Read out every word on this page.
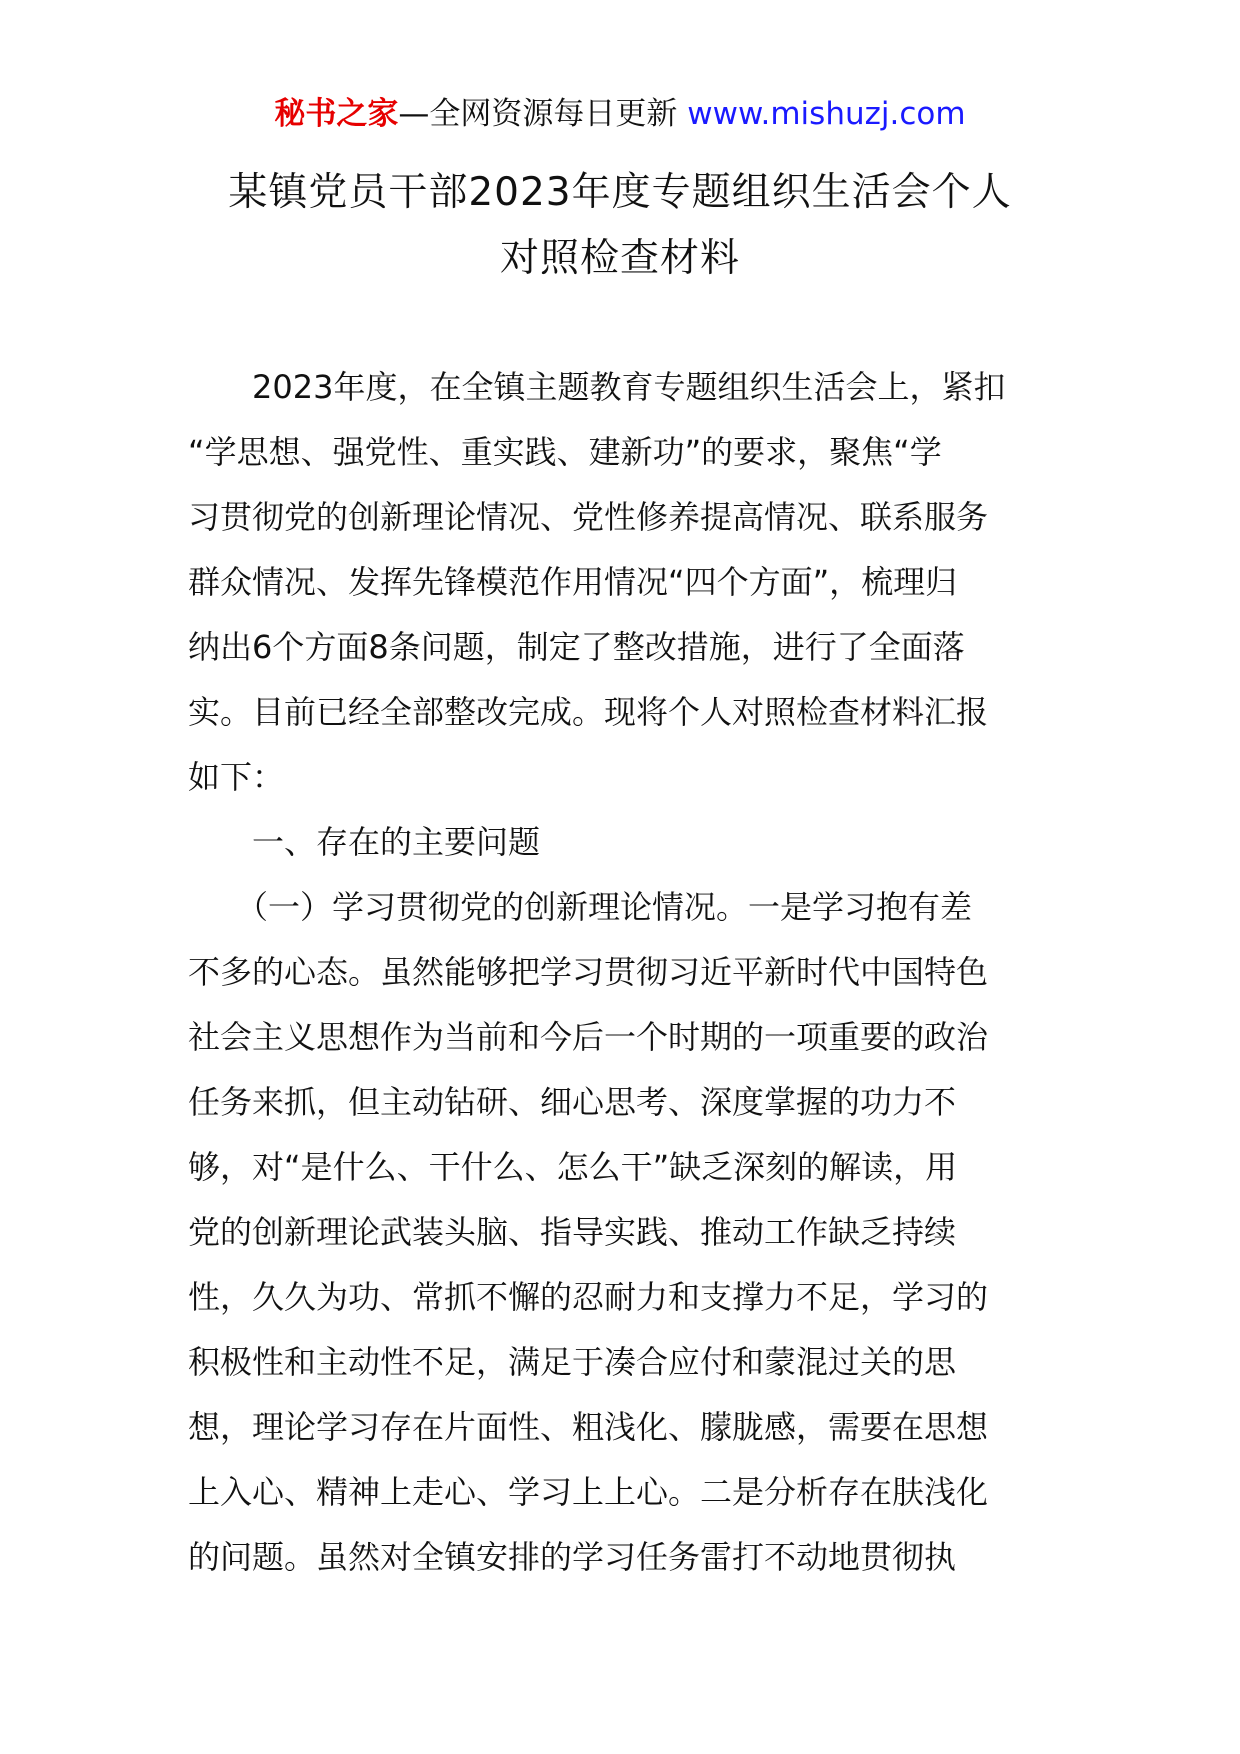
秘书之家—全网资源每日更新 www.mishuzj.com
某镇党员干部2023年度专题组织生活会个人
对照检查材料
　　2023年度，在全镇主题教育专题组织生活会上，紧扣
“学思想、强党性、重实践、建新功”的要求，聚焦“学
习贯彻党的创新理论情况、党性修养提高情况、联系服务
群众情况、发挥先锋模范作用情况“四个方面”，梳理归
纳出6个方面8条问题，制定了整改措施，进行了全面落
实。目前已经全部整改完成。现将个人对照检查材料汇报
如下：
　　一、存在的主要问题
　　（一）学习贯彻党的创新理论情况。一是学习抱有差
不多的心态。虽然能够把学习贯彻习近平新时代中国特色
社会主义思想作为当前和今后一个时期的一项重要的政治
任务来抓，但主动钻研、细心思考、深度掌握的功力不
够，对“是什么、干什么、怎么干”缺乏深刻的解读，用
党的创新理论武装头脑、指导实践、推动工作缺乏持续
性，久久为功、常抓不懈的忍耐力和支撑力不足，学习的
积极性和主动性不足，满足于凑合应付和蒙混过关的思
想，理论学习存在片面性、粗浅化、朦胧感，需要在思想
上入心、精神上走心、学习上上心。二是分析存在肤浅化
的问题。虽然对全镇安排的学习任务雷打不动地贯彻执
